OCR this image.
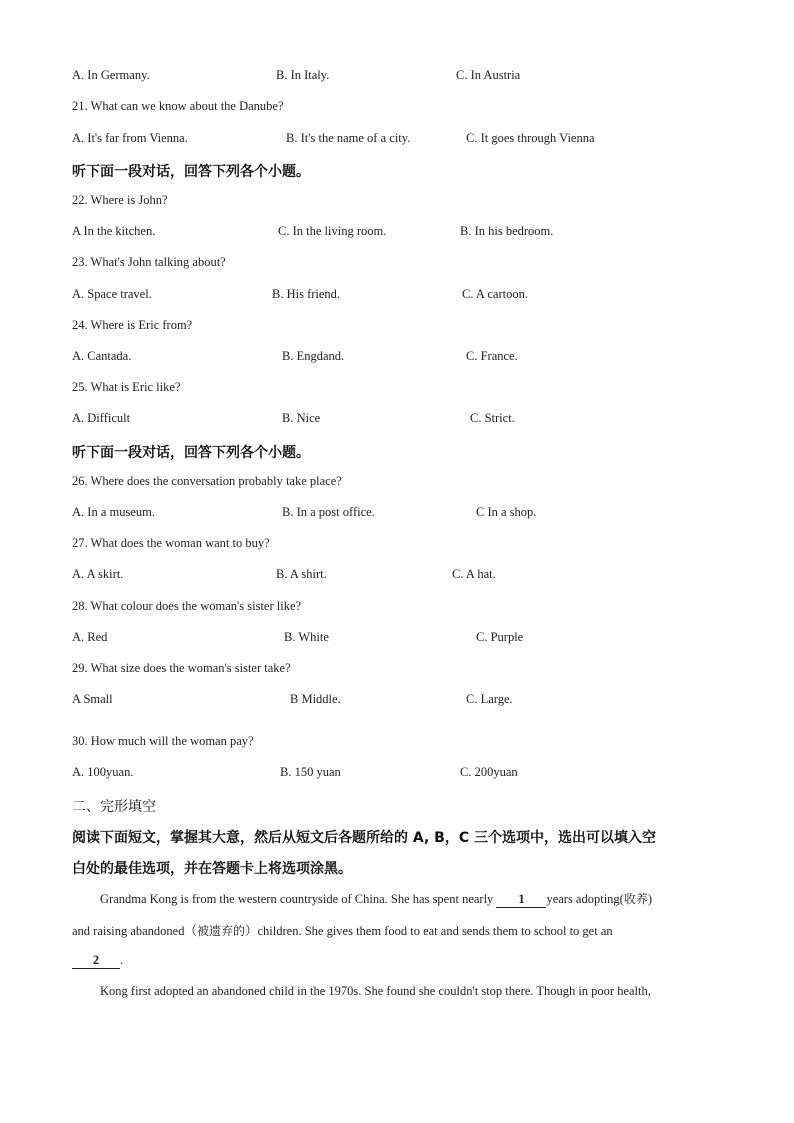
A. In Germany.	B. In Italy.	C. In Austria
21. What can we know about the Danube?
A. It's far from Vienna.	B. It's the name of a city.	C. It goes through Vienna
听下面一段对话，回答下列各个小题。
22. Where is John?
A In the kitchen.	C. In the living room.	B. In his bedroom.
23. What's John talking about?
A. Space travel.	B. His friend.	C. A cartoon.
24. Where is Eric from?
A. Cantada.	B. Engdand.	C. France.
25. What is Eric like?
A. Difficult	B. Nice	C. Strict.
听下面一段对话，回答下列各个小题。
26. Where does the conversation probably take place?
A. In a museum.	B. In a post office.	C In a shop.
27. What does the woman want to buy?
A. A skirt.	B. A shirt.	C. A hat.
28. What colour does the woman's sister like?
A. Red	B. White	C. Purple
29. What size does the woman's sister take?
A Small	B Middle.	C. Large.
30. How much will the woman pay?
A. 100yuan.	B. 150 yuan	C. 200yuan
二、完形填空
阅读下面短文，掌握其大意，然后从短文后各题所给的 A, B，C 三个选项中，选出可以填入空
白处的最佳选项，并在答题卡上将选项涂黑。
Grandma Kong is from the western countryside of China. She has spent nearly 1 years adopting(收养)
and raising abandoned（被遗弃的）children. She gives them food to eat and sends them to school to get an
2 .
Kong first adopted an abandoned child in the 1970s. She found she couldn't stop there. Though in poor health,
